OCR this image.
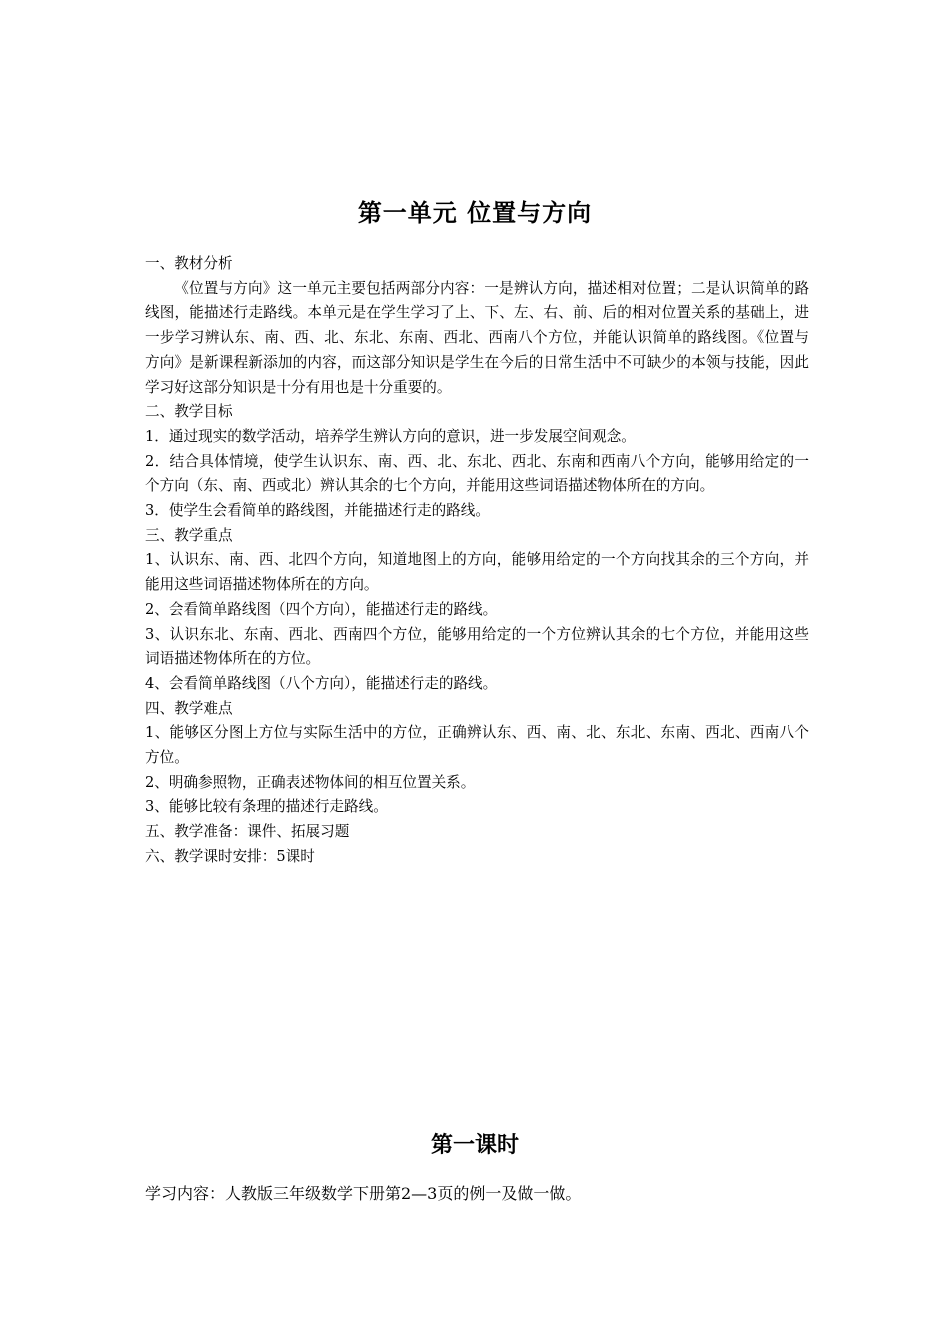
第一单元 位置与方向

一、教材分析

《位置与方向》这一单元主要包括两部分内容：一是辨认方向，描述相对位置；二是认识简单的路线图，能描述行走路线。本单元是在学生学习了上、下、左、右、前、后的相对位置关系的基础上，进一步学习辨认东、南、西、北、东北、东南、西北、西南八个方位，并能认识简单的路线图。《位置与方向》是新课程新添加的内容，而这部分知识是学生在今后的日常生活中不可缺少的本领与技能，因此学习好这部分知识是十分有用也是十分重要的。

二、教学目标

1．通过现实的数学活动，培养学生辨认方向的意识，进一步发展空间观念。

2．结合具体情境，使学生认识东、南、西、北、东北、西北、东南和西南八个方向，能够用给定的一个方向（东、南、西或北）辨认其余的七个方向，并能用这些词语描述物体所在的方向。

3．使学生会看简单的路线图，并能描述行走的路线。

三、教学重点

1、认识东、南、西、北四个方向，知道地图上的方向，能够用给定的一个方向找其余的三个方向，并能用这些词语描述物体所在的方向。

2、会看简单路线图（四个方向），能描述行走的路线。

3、认识东北、东南、西北、西南四个方位，能够用给定的一个方位辨认其余的七个方位，并能用这些词语描述物体所在的方位。

4、会看简单路线图（八个方向），能描述行走的路线。

四、教学难点

1、能够区分图上方位与实际生活中的方位，正确辨认东、西、南、北、东北、东南、西北、西南八个方位。

2、明确参照物，正确表述物体间的相互位置关系。

3、能够比较有条理的描述行走路线。

五、教学准备：课件、拓展习题

六、教学课时安排：5课时

第一课时

学习内容：人教版三年级数学下册第2—3页的例一及做一做。
